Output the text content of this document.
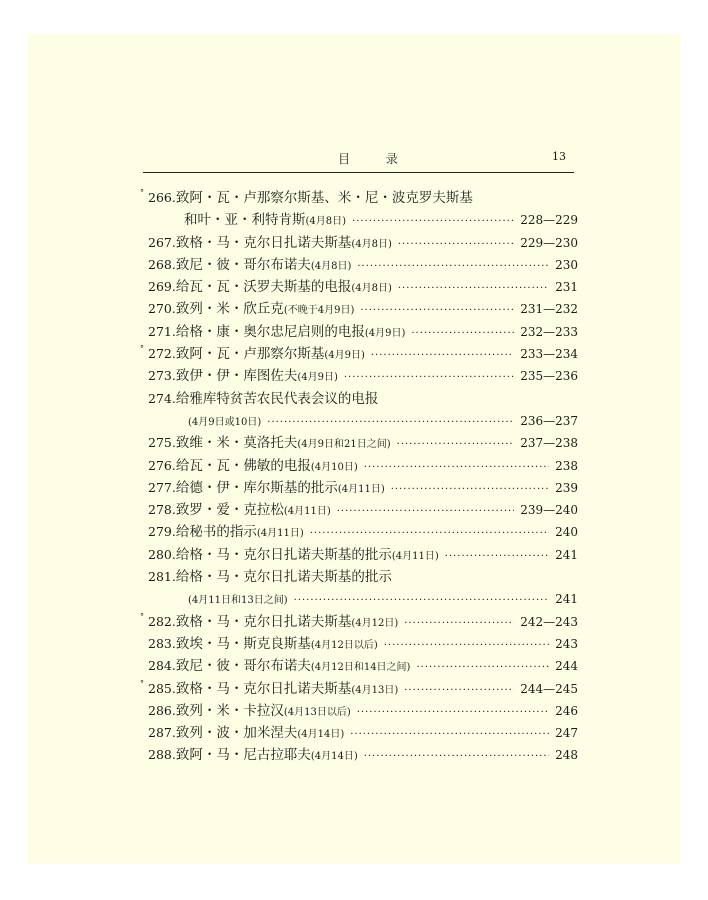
目 录	13
° 266. 致阿・瓦・卢那察尔斯基、米・尼・波克罗夫斯基
和叶・亚・利特肯斯 (4月8日) ·····	228—229
267. 致格・马・克尔日扎诺夫斯基 (4月8日) ·····	229—230
268. 致尼・彼・哥尔布诺夫 (4月8日) ·····	230
269. 给瓦・瓦・沃罗夫斯基的电报 (4月8日) ·····	231
270. 致列・米・欣丘克 (不晚于4月9日) ·····	231—232
271. 给格・康・奥尔忠尼启则的电报 (4月9日) ·····	232—233
° 272. 致阿・瓦・卢那察尔斯基 (4月9日) ·····	233—234
273. 致伊・伊・库图佐夫 (4月9日) ·····	235—236
274. 给雅库特贫苦农民代表会议的电报
(4月9日或10日) ·····	236—237
275. 致维・米・莫洛托夫 (4月9日和21日之间) ·····	237—238
276. 给瓦・瓦・佛敏的电报 (4月10日) ·····	238
277. 给德・伊・库尔斯基的批示 (4月11日) ·····	239
278. 致罗・爱・克拉松 (4月11日) ·····	239—240
279. 给秘书的指示 (4月11日) ·····	240
280. 给格・马・克尔日扎诺夫斯基的批示 (4月11日) ·····	241
281. 给格・马・克尔日扎诺夫斯基的批示
(4月11日和13日之间) ·····	241
° 282. 致格・马・克尔日扎诺夫斯基 (4月12日) ·····	242—243
283. 致埃・马・斯克良斯基 (4月12日以后) ·····	243
284. 致尼・彼・哥尔布诺夫 (4月12日和14日之间) ·····	244
° 285. 致格・马・克尔日扎诺夫斯基 (4月13日) ·····	244—245
286. 致列・米・卡拉汉 (4月13日以后) ·····	246
287. 致列・波・加米涅夫 (4月14日) ·····	247
288. 致阿・马・尼古拉耶夫 (4月14日) ·····	248
